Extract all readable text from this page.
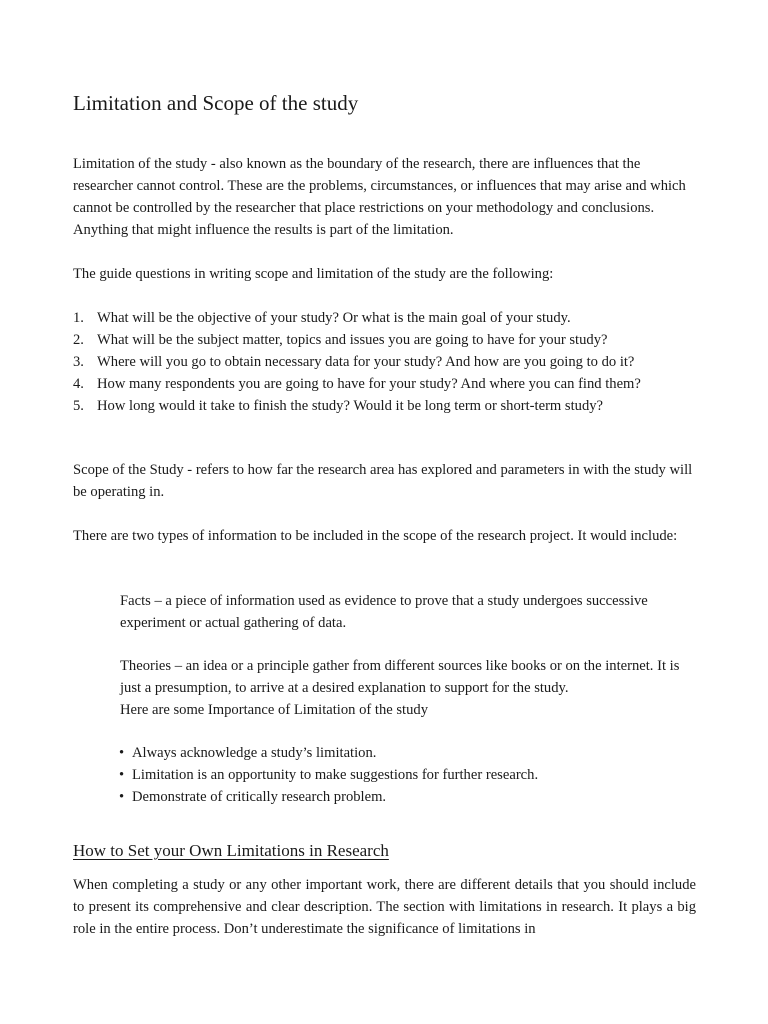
Limitation and Scope of the study

Limitation of the study - also known as the boundary of the research, there are influences that the researcher cannot control. These are the problems, circumstances, or influences that may arise and which cannot be controlled by the researcher that place restrictions on your methodology and conclusions. Anything that might influence the results is part of the limitation.

The guide questions in writing scope and limitation of the study are the following:

1. What will be the objective of your study? Or what is the main goal of your study.
2. What will be the subject matter, topics and issues you are going to have for your study?
3. Where will you go to obtain necessary data for your study? And how are you going to do it?
4. How many respondents you are going to have for your study? And where you can find them?
5. How long would it take to finish the study? Would it be long term or short-term study?

Scope of the Study - refers to how far the research area has explored and parameters in with the study will be operating in.

There are two types of information to be included in the scope of the research project. It would include:

Facts – a piece of information used as evidence to prove that a study undergoes successive experiment or actual gathering of data.

Theories – an idea or a principle gather from different sources like books or on the internet. It is just a presumption, to arrive at a desired explanation to support for the study.

Here are some Importance of Limitation of the study

• Always acknowledge a study’s limitation.
• Limitation is an opportunity to make suggestions for further research.
• Demonstrate of critically research problem.
How to Set your Own Limitations in Research

When completing a study or any other important work, there are different details that you should include to present its comprehensive and clear description. The section with limitations in research. It plays a big role in the entire process. Don’t underestimate the significance of limitations in
